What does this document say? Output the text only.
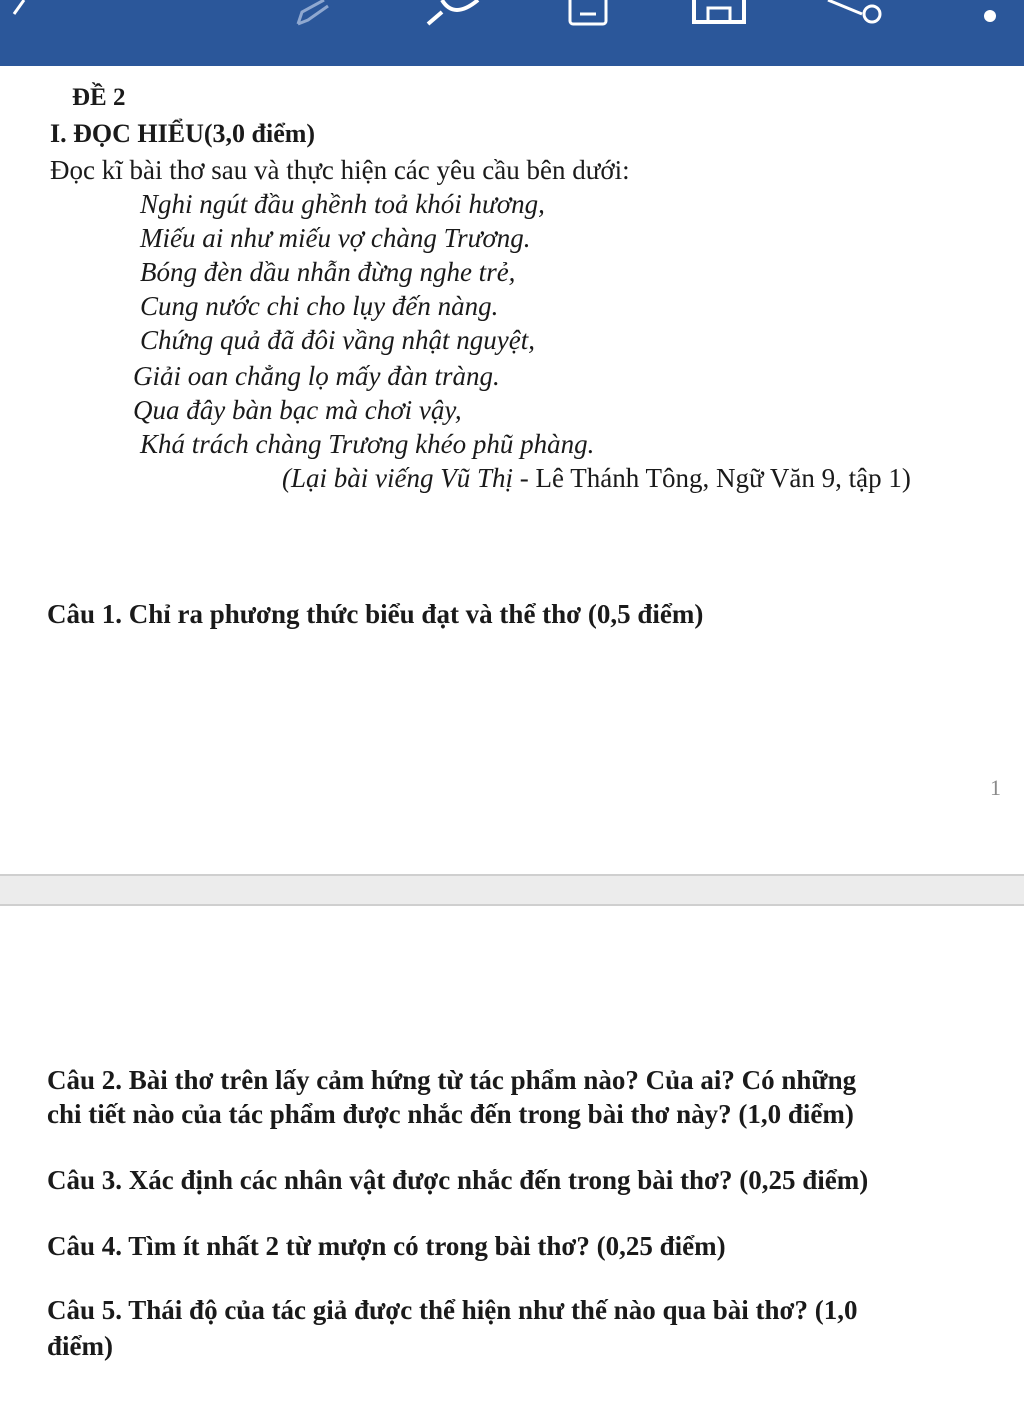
ĐỀ 2
I. ĐỌC HIỂU(3,0 điểm)
Đọc kĩ bài thơ sau và thực hiện các yêu cầu bên dưới:
Nghi ngút đầu ghềnh toả khói hương,
Miếu ai như miếu vợ chàng Trương.
Bóng đèn dầu nhẫn đừng nghe trẻ,
Cung nước chi cho lụy đến nàng.
Chứng quả đã đôi vầng nhật nguyệt,
Giải oan chẳng lọ mấy đàn tràng.
Qua đây bàn bạc mà chơi vậy,
Khá trách chàng Trương khéo phũ phàng.
(Lại bài viếng Vũ Thị - Lê Thánh Tông, Ngữ Văn 9, tập 1)
Câu 1. Chỉ ra phương thức biểu đạt và thể thơ (0,5 điểm)
1
Câu 2. Bài thơ trên lấy cảm hứng từ tác phẩm nào? Của ai? Có những
chi tiết nào của tác phẩm được nhắc đến trong bài thơ này? (1,0 điểm)
Câu 3. Xác định các nhân vật được nhắc đến trong bài thơ? (0,25 điểm)
Câu 4. Tìm ít nhất 2 từ mượn có trong bài thơ? (0,25 điểm)
Câu 5. Thái độ của tác giả được thể hiện như thế nào qua bài thơ? (1,0
điểm)
